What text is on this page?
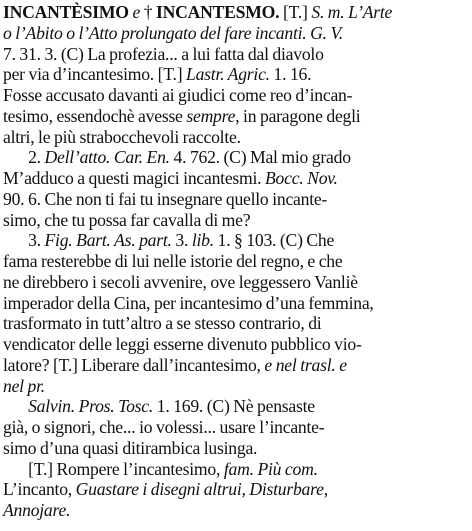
INCANTÈSIMO e † INCANTESMO. [T.] S. m. L’Arte
o l’Abito o l’Atto prolungato del fare incanti. G. V.
7. 31. 3. (C) La profezia... a lui fatta dal diavolo
per via d’incantesimo. [T.] Lastr. Agric. 1. 16.
Fosse accusato davanti ai giudici come reo d’incan-
tesimo, essendochè avesse sempre, in paragone degli
altri, le più strabocchevoli raccolte.
2. Dell’atto. Car. En. 4. 762. (C) Mal mio grado
M’adduco a questi magici incantesmi. Bocc. Nov.
90. 6. Che non ti fai tu insegnare quello incante-
simo, che tu possa far cavalla di me?
3. Fig. Bart. As. part. 3. lib. 1. § 103. (C) Che
fama resterebbe di lui nelle istorie del regno, e che
ne direbbero i secoli avvenire, ove leggessero Vanliè
imperador della Cina, per incantesimo d’una femmina,
trasformato in tutt’altro a se stesso contrario, di
vendicator delle leggi esserne divenuto pubblico vio-
latore? [T.] Liberare dall’incantesimo, e nel trasl. e
nel pr.
Salvin. Pros. Tosc. 1. 169. (C) Nè pensaste
già, o signori, che... io volessi... usare l’incante-
simo d’una quasi ditirambica lusinga.
[T.] Rompere l’incantesimo, fam. Più com.
L’incanto, Guastare i disegni altrui, Disturbare,
Annojare.
